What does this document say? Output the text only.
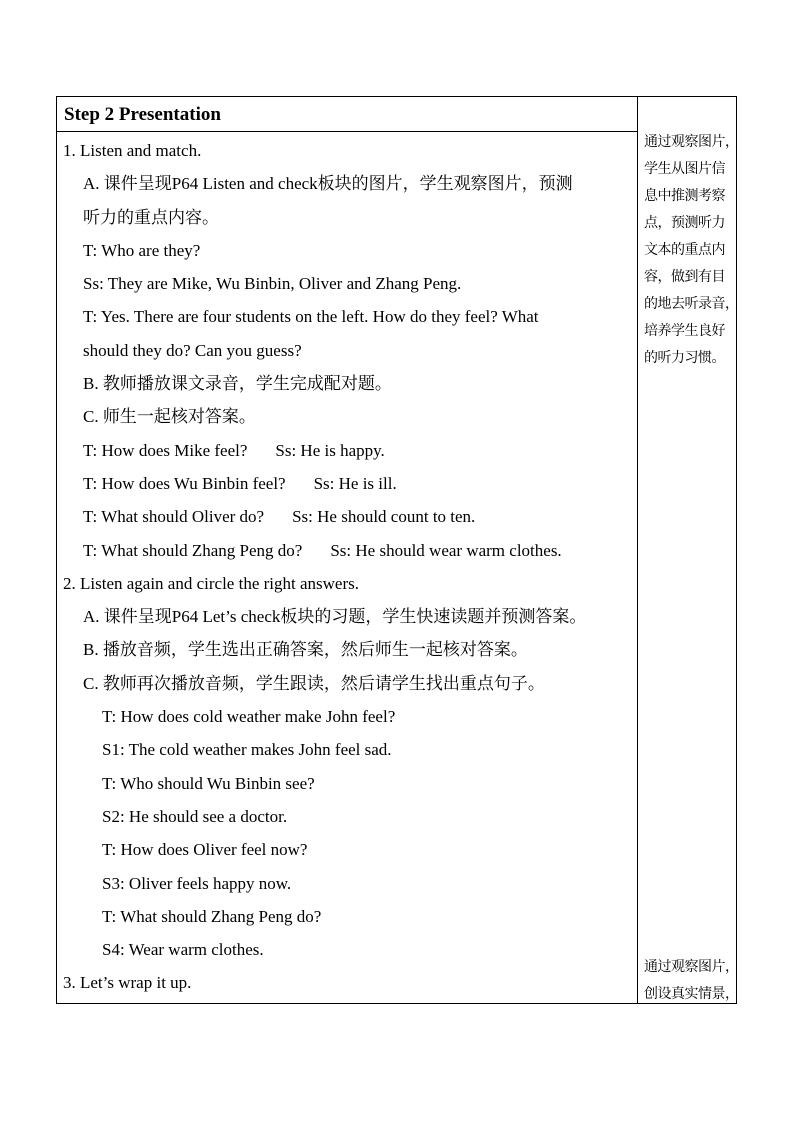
Step 2 Presentation
1. Listen and match.
A. 课件呈现P64 Listen and check板块的图片，学生观察图片，预测
听力的重点内容。
T: Who are they?
Ss: They are Mike, Wu Binbin, Oliver and Zhang Peng.
T: Yes. There are four students on the left. How do they feel? What
should they do? Can you guess?
B. 教师播放课文录音，学生完成配对题。
C. 师生一起核对答案。
T: How does Mike feel? Ss: He is happy.
T: How does Wu Binbin feel? Ss: He is ill.
T: What should Oliver do? Ss: He should count to ten.
T: What should Zhang Peng do? Ss: He should wear warm clothes.
2. Listen again and circle the right answers.
A. 课件呈现P64 Let’s check板块的习题，学生快速读题并预测答案。
B. 播放音频，学生选出正确答案，然后师生一起核对答案。
C. 教师再次播放音频，学生跟读，然后请学生找出重点句子。
T: How does cold weather make John feel?
S1: The cold weather makes John feel sad.
T: Who should Wu Binbin see?
S2: He should see a doctor.
T: How does Oliver feel now?
S3: Oliver feels happy now.
T: What should Zhang Peng do?
S4: Wear warm clothes.
3. Let’s wrap it up.

通过观察图片，

学生从图片信

息中推测考察

点，预测听力

文本的重点内

容，做到有目

的地去听录音，

培养学生良好

的听力习惯。

通过观察图片，

创设真实情景，
